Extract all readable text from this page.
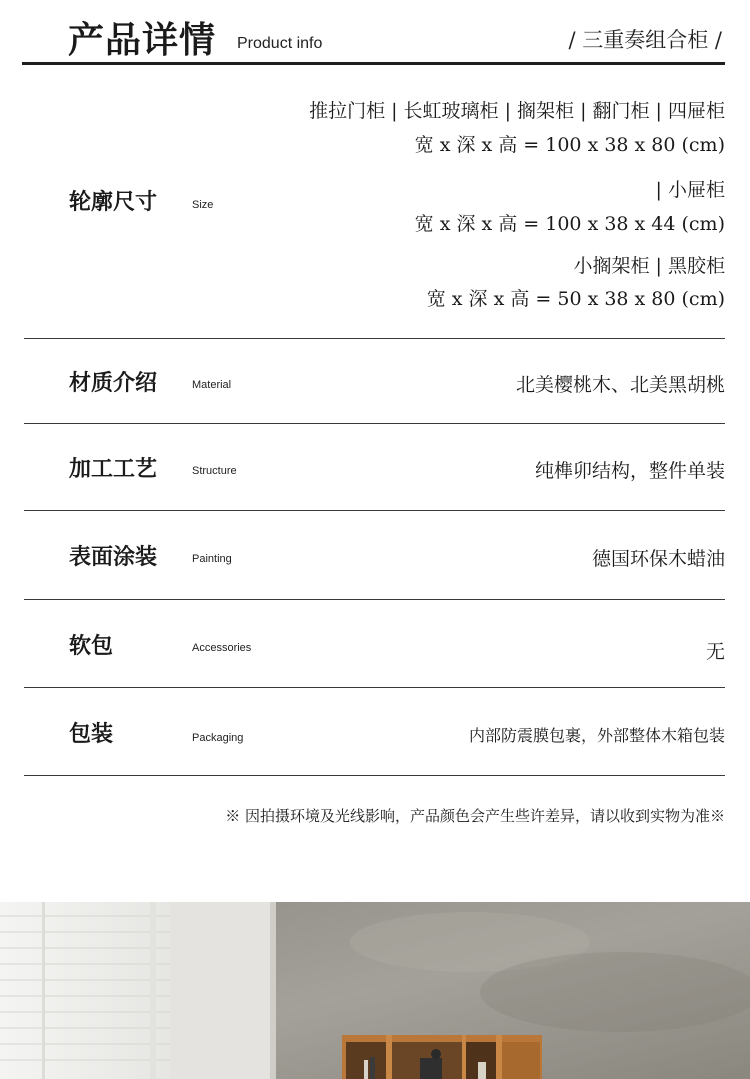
产品详情 Product info	/ 三重奏组合柜 /
轮廓尺寸	Size
推拉门柜 | 长虹玻璃柜 | 搁架柜 | 翻门柜 | 四屉柜
宽 x 深 x 高 = 100 x 38 x 80 (cm)
| 小屉柜
宽 x 深 x 高 = 100 x 38 x 44 (cm)
小搁架柜 | 黑胶柜
宽 x 深 x 高 = 50 x 38 x 80 (cm)
材质介绍	Material	北美樱桃木、北美黑胡桃
加工工艺	Structure	纯榫卯结构，整件单装
表面涂装	Painting	德国环保木蜡油
软包	Accessories	无
包装	Packaging	内部防震膜包裹，外部整体木箱包装
※ 因拍摄环境及光线影响，产品颜色会产生些许差异，请以收到实物为准※
